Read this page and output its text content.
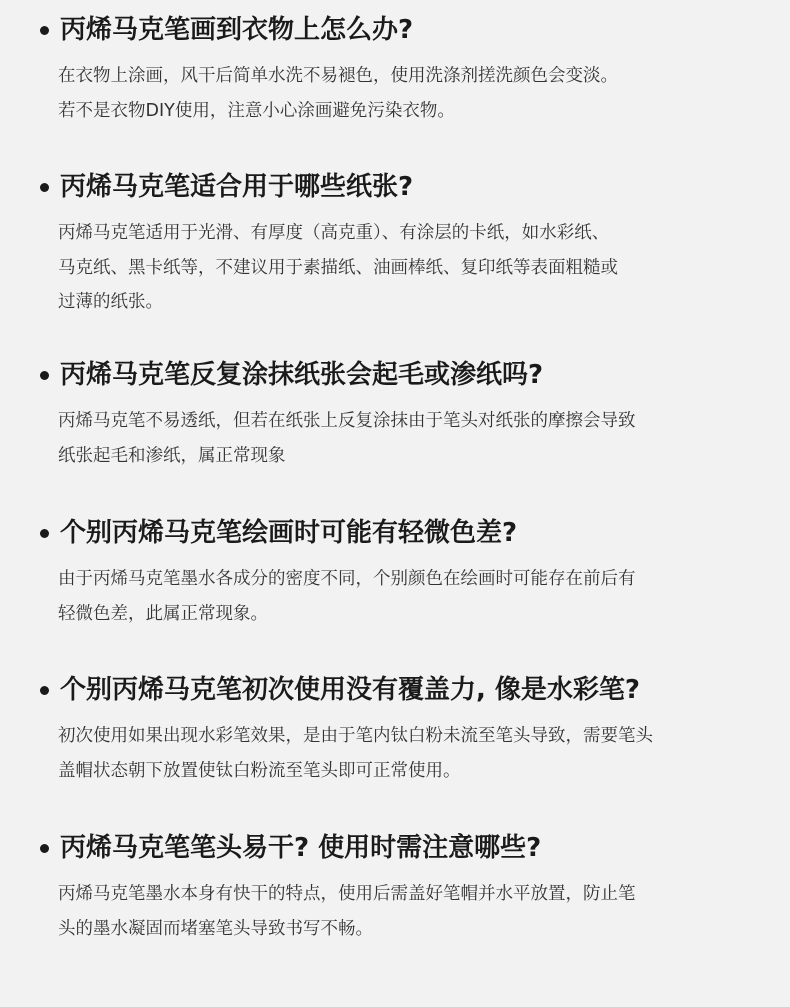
丙烯马克笔画到衣物上怎么办?
在衣物上涂画，风干后简单水洗不易褪色，使用洗涤剂搓洗颜色会变淡。
若不是衣物DIY使用，注意小心涂画避免污染衣物。
丙烯马克笔适合用于哪些纸张?
丙烯马克笔适用于光滑、有厚度（高克重）、有涂层的卡纸，如水彩纸、
马克纸、黑卡纸等，不建议用于素描纸、油画棒纸、复印纸等表面粗糙或
过薄的纸张。
丙烯马克笔反复涂抹纸张会起毛或渗纸吗?
丙烯马克笔不易透纸，但若在纸张上反复涂抹由于笔头对纸张的摩擦会导致
纸张起毛和渗纸，属正常现象
个别丙烯马克笔绘画时可能有轻微色差?
由于丙烯马克笔墨水各成分的密度不同，个别颜色在绘画时可能存在前后有
轻微色差，此属正常现象。
个别丙烯马克笔初次使用没有覆盖力, 像是水彩笔?
初次使用如果出现水彩笔效果，是由于笔内钛白粉未流至笔头导致，需要笔头
盖帽状态朝下放置使钛白粉流至笔头即可正常使用。
丙烯马克笔笔头易干? 使用时需注意哪些?
丙烯马克笔墨水本身有快干的特点，使用后需盖好笔帽并水平放置，防止笔
头的墨水凝固而堵塞笔头导致书写不畅。
